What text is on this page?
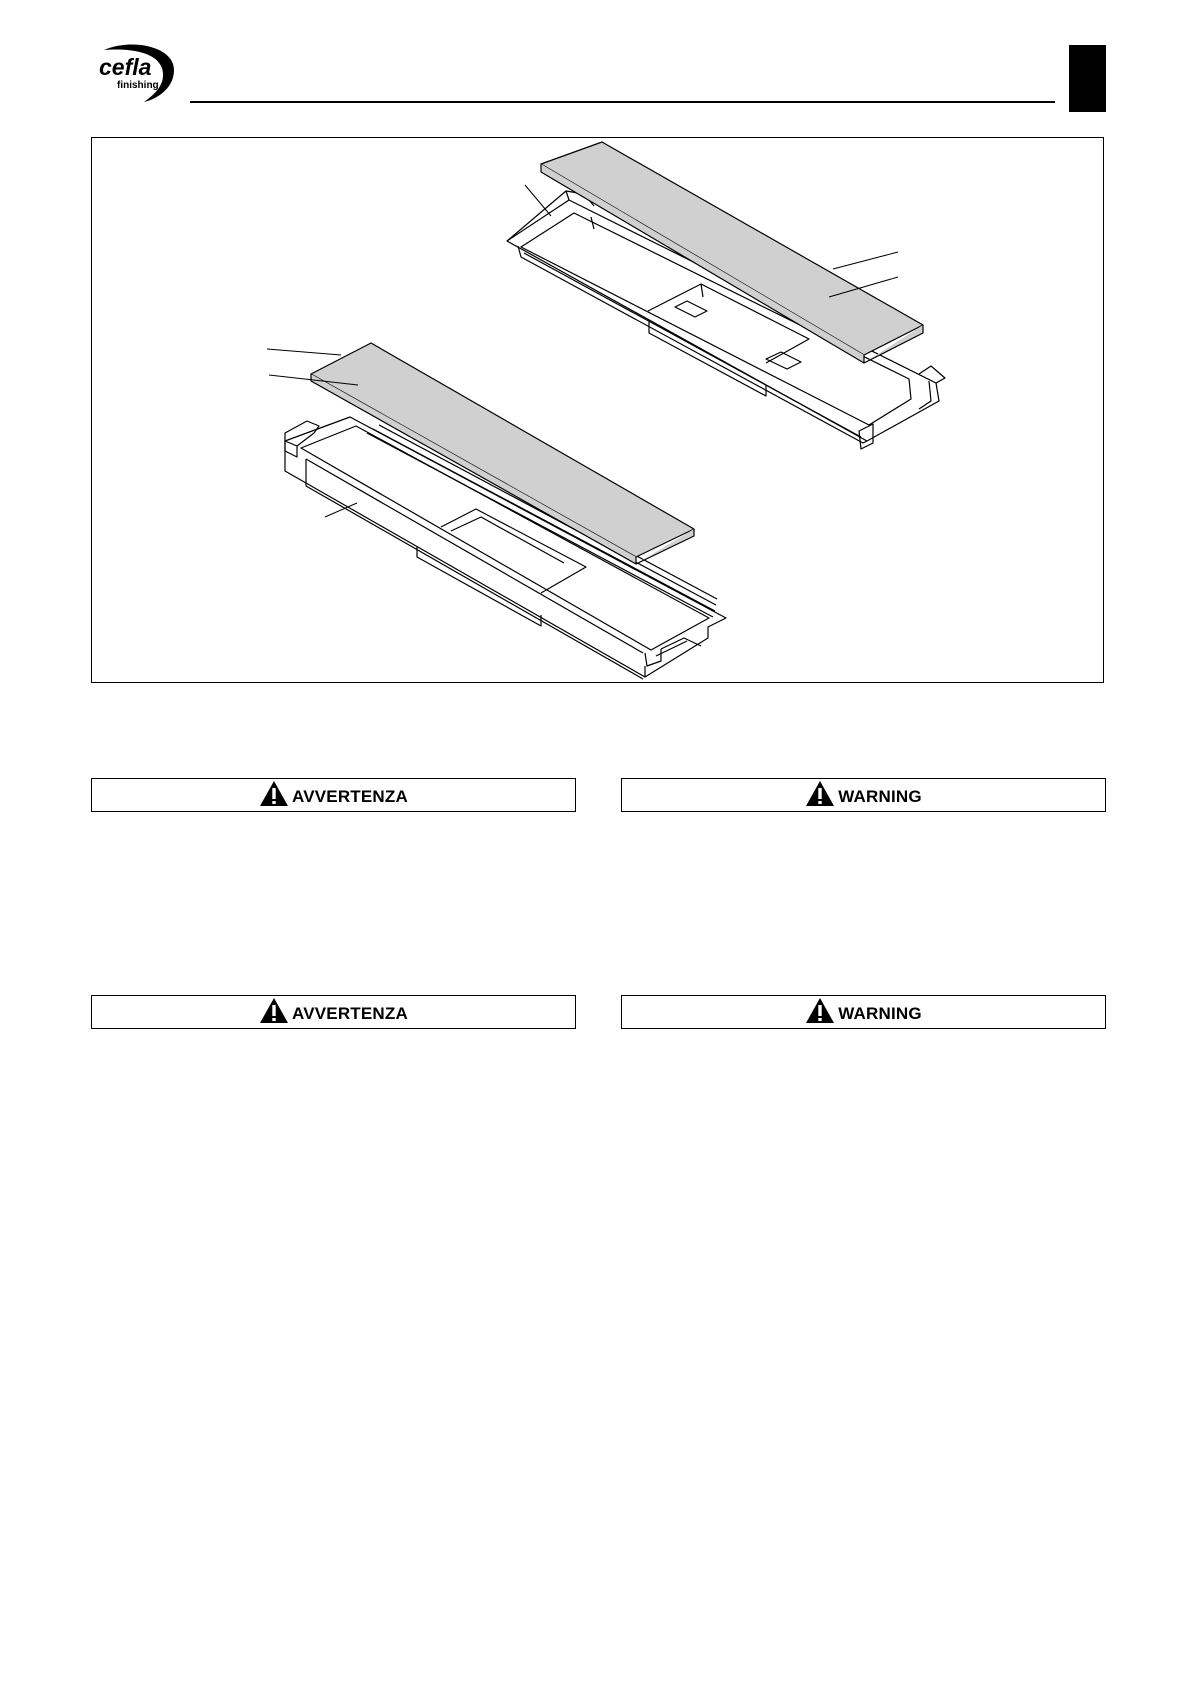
cefla
finishing
AVVERTENZA	WARNING
AVVERTENZA	WARNING
